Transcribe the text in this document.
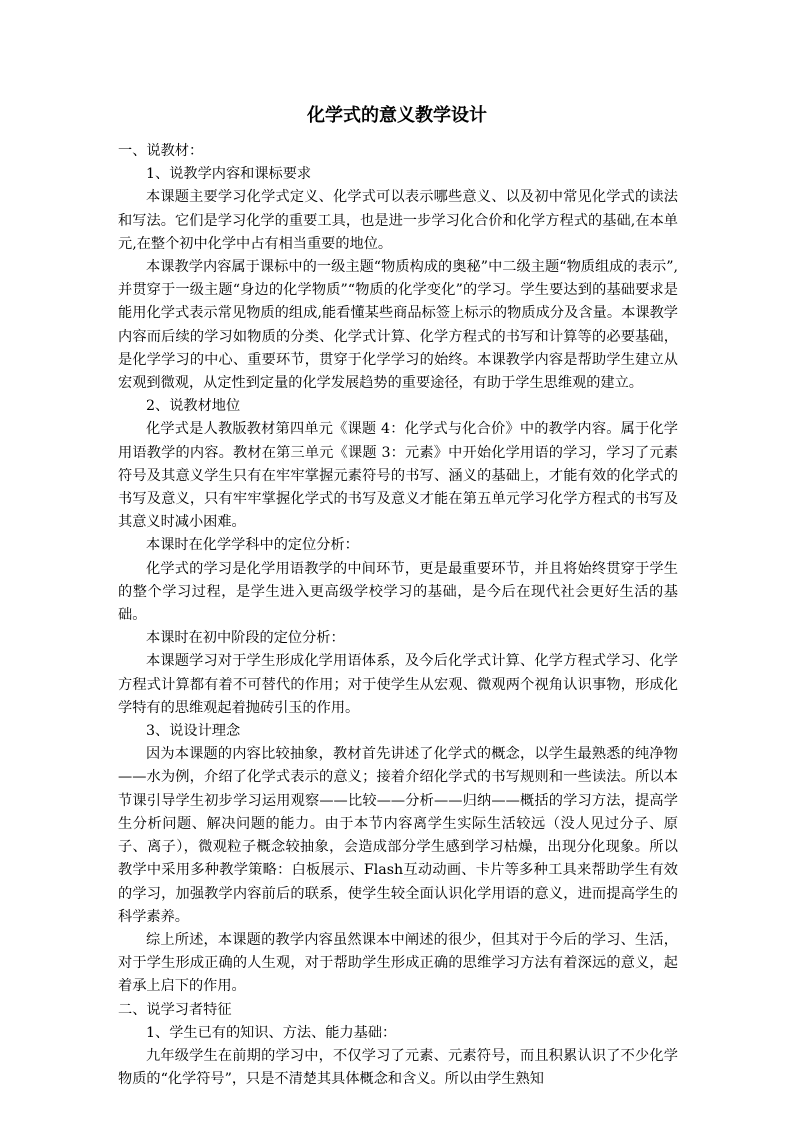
化学式的意义教学设计

一、说教材：

1、说教学内容和课标要求

本课题主要学习化学式定义、化学式可以表示哪些意义、以及初中常见化学式的读法和写法。它们是学习化学的重要工具，也是进一步学习化合价和化学方程式的基础,在本单元,在整个初中化学中占有相当重要的地位。

本课教学内容属于课标中的一级主题“物质构成的奥秘”中二级主题“物质组成的表示”,并贯穿于一级主题“身边的化学物质”“物质的化学变化”的学习。学生要达到的基础要求是能用化学式表示常见物质的组成,能看懂某些商品标签上标示的物质成分及含量。本课教学内容而后续的学习如物质的分类、化学式计算、化学方程式的书写和计算等的必要基础，是化学学习的中心、重要环节，贯穿于化学学习的始终。本课教学内容是帮助学生建立从宏观到微观，从定性到定量的化学发展趋势的重要途径，有助于学生思维观的建立。

2、说教材地位

化学式是人教版教材第四单元《课题 4：化学式与化合价》中的教学内容。属于化学用语教学的内容。教材在第三单元《课题 3：元素》中开始化学用语的学习，学习了元素符号及其意义学生只有在牢牢掌握元素符号的书写、涵义的基础上，才能有效的化学式的书写及意义，只有牢牢掌握化学式的书写及意义才能在第五单元学习化学方程式的书写及其意义时减小困难。

本课时在化学学科中的定位分析：

化学式的学习是化学用语教学的中间环节，更是最重要环节，并且将始终贯穿于学生的整个学习过程，是学生进入更高级学校学习的基础，是今后在现代社会更好生活的基础。

本课时在初中阶段的定位分析：

本课题学习对于学生形成化学用语体系，及今后化学式计算、化学方程式学习、化学方程式计算都有着不可替代的作用；对于使学生从宏观、微观两个视角认识事物，形成化学特有的思维观起着抛砖引玉的作用。

3、说设计理念

因为本课题的内容比较抽象，教材首先讲述了化学式的概念，以学生最熟悉的纯净物——水为例，介绍了化学式表示的意义；接着介绍化学式的书写规则和一些读法。所以本节课引导学生初步学习运用观察——比较——分析——归纳——概括的学习方法，提高学生分析问题、解决问题的能力。由于本节内容离学生实际生活较远（没人见过分子、原子、离子），微观粒子概念较抽象，会造成部分学生感到学习枯燥，出现分化现象。所以教学中采用多种教学策略：白板展示、Flash互动动画、卡片等多种工具来帮助学生有效的学习，加强教学内容前后的联系，使学生较全面认识化学用语的意义，进而提高学生的科学素养。

综上所述，本课题的教学内容虽然课本中阐述的很少，但其对于今后的学习、生活，对于学生形成正确的人生观，对于帮助学生形成正确的思维学习方法有着深远的意义，起着承上启下的作用。

二、说学习者特征

1、学生已有的知识、方法、能力基础：

九年级学生在前期的学习中，不仅学习了元素、元素符号，而且积累认识了不少化学物质的“化学符号”，只是不清楚其具体概念和含义。所以由学生熟知
